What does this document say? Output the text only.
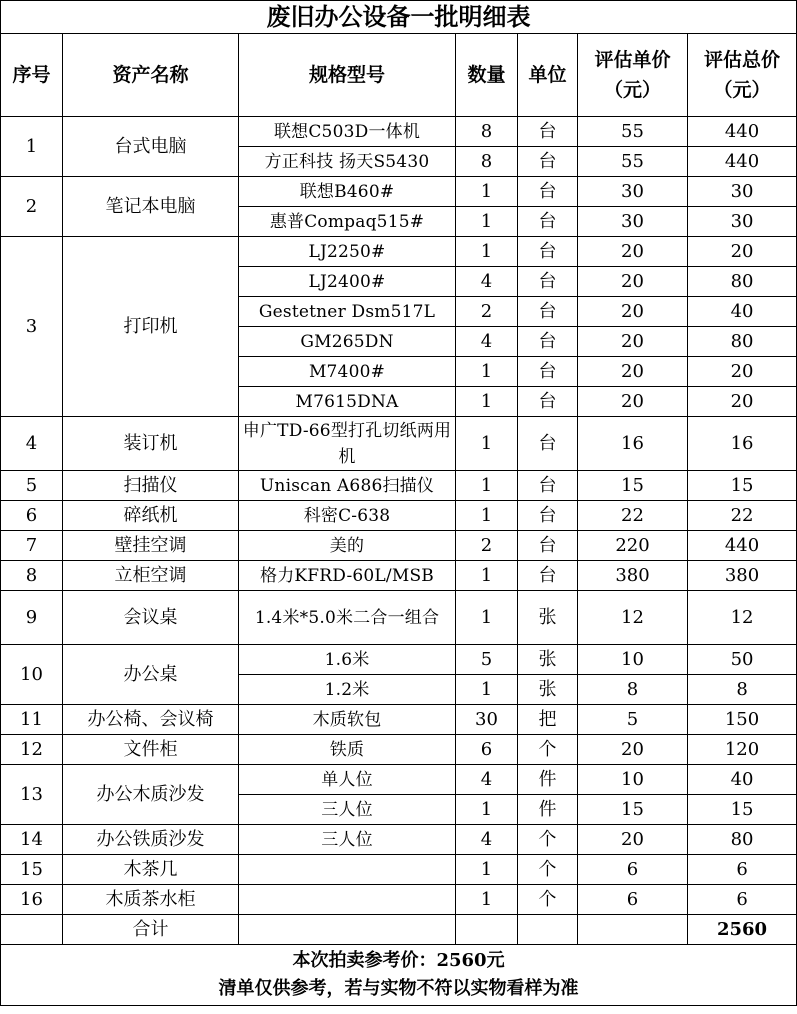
废旧办公设备一批明细表						
序号	资产名称	规格型号	数量	单位	评估单价（元）	评估总价（元）
1	台式电脑	联想C503D一体机	8	台	55	440
		方正科技 扬天S5430	8	台	55	440
2	笔记本电脑	联想B460#	1	台	30	30
		惠普Compaq515#	1	台	30	30
3	打印机	LJ2250#	1	台	20	20
		LJ2400#	4	台	20	80
		Gestetner Dsm517L	2	台	20	40
		GM265DN	4	台	20	80
		M7400#	1	台	20	20
		M7615DNA	1	台	20	20
4	装订机	申广TD-66型打孔切纸两用机	1	台	16	16
5	扫描仪	Uniscan A686扫描仪	1	台	15	15
6	碎纸机	科密C-638	1	台	22	22
7	壁挂空调	美的	2	台	220	440
8	立柜空调	格力KFRD-60L/MSB	1	台	380	380
9	会议桌	1.4米*5.0米二合一组合	1	张	12	12
10	办公桌	1.6米	5	张	10	50
		1.2米	1	张	8	8
11	办公椅、会议椅	木质软包	30	把	5	150
12	文件柜	铁质	6	个	20	120
13	办公木质沙发	单人位	4	件	10	40
		三人位	1	件	15	15
14	办公铁质沙发	三人位	4	个	20	80
15	木茶几		1	个	6	6
16	木质茶水柜		1	个	6	6
	合计					2560

本次拍卖参考价：2560元
清单仅供参考，若与实物不符以实物看样为准						
